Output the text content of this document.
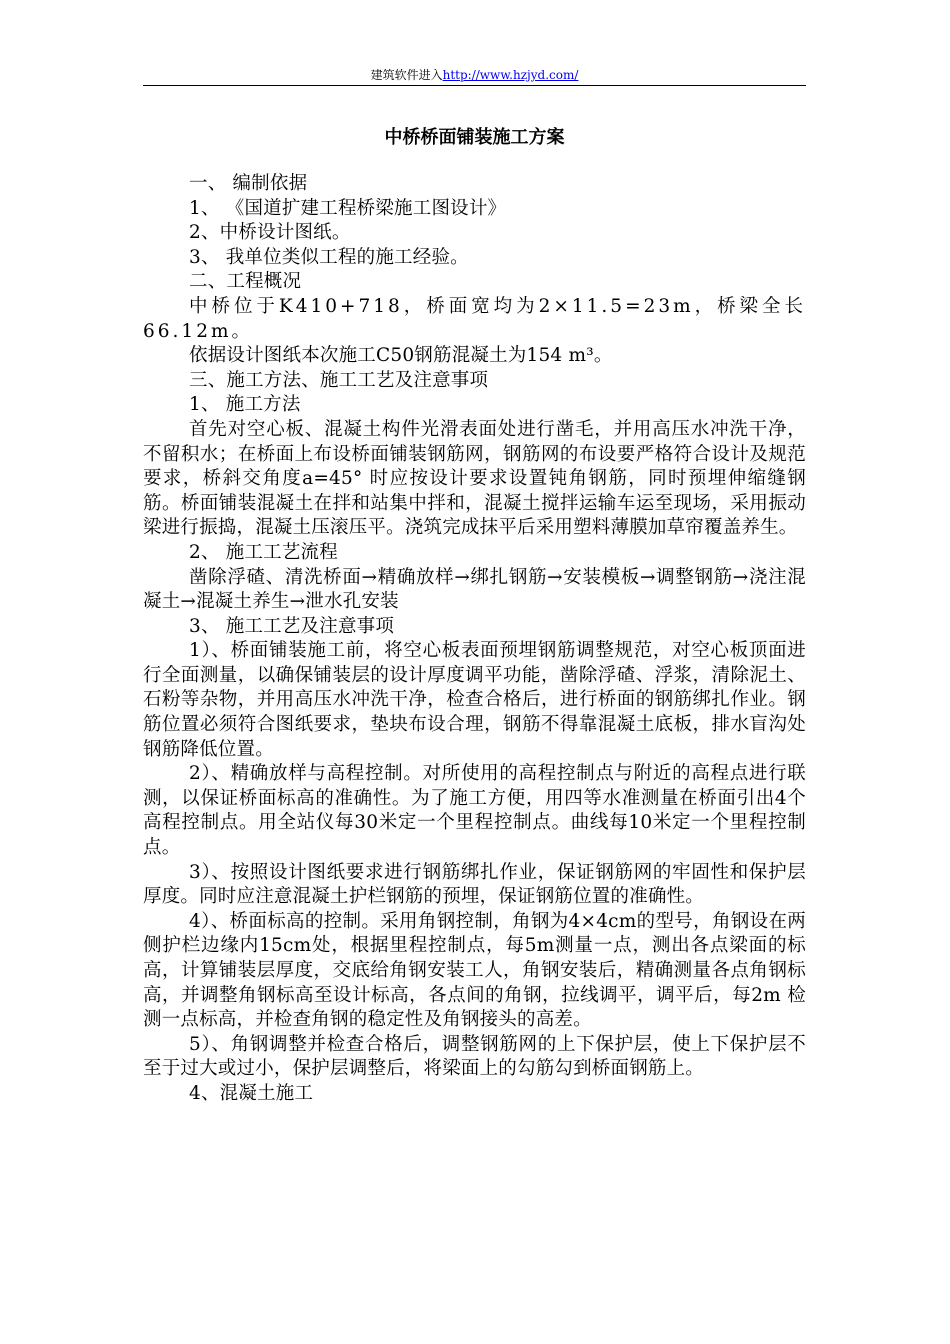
建筑软件进入http://www.hzjyd.com/
中桥桥面铺装施工方案

一、 编制依据

1、 《国道扩建工程桥梁施工图设计》

2、中桥设计图纸。

3、 我单位类似工程的施工经验。

二、工程概况

中桥位于K410+718，桥面宽均为2×11.5=23m，桥梁全长66.12m。

依据设计图纸本次施工C50钢筋混凝土为154 m³。

三、施工方法、施工工艺及注意事项

1、 施工方法

首先对空心板、混凝土构件光滑表面处进行凿毛，并用高压水冲洗干净，不留积水；在桥面上布设桥面铺装钢筋网，钢筋网的布设要严格符合设计及规范要求，桥斜交角度a=45° 时应按设计要求设置钝角钢筋，同时预埋伸缩缝钢筋。桥面铺装混凝土在拌和站集中拌和，混凝土搅拌运输车运至现场，采用振动梁进行振捣，混凝土压滚压平。浇筑完成抹平后采用塑料薄膜加草帘覆盖养生。

2、 施工工艺流程

凿除浮碴、清洗桥面→精确放样→绑扎钢筋→安装模板→调整钢筋→浇注混凝土→混凝土养生→泄水孔安装

3、 施工工艺及注意事项

1）、桥面铺装施工前，将空心板表面预埋钢筋调整规范，对空心板顶面进行全面测量，以确保铺装层的设计厚度调平功能，凿除浮碴、浮浆，清除泥土、石粉等杂物，并用高压水冲洗干净，检查合格后，进行桥面的钢筋绑扎作业。钢筋位置必须符合图纸要求，垫块布设合理，钢筋不得靠混凝土底板，排水盲沟处钢筋降低位置。

2）、精确放样与高程控制。对所使用的高程控制点与附近的高程点进行联测，以保证桥面标高的准确性。为了施工方便，用四等水准测量在桥面引出4个高程控制点。用全站仪每30米定一个里程控制点。曲线每10米定一个里程控制点。

3）、按照设计图纸要求进行钢筋绑扎作业，保证钢筋网的牢固性和保护层厚度。同时应注意混凝土护栏钢筋的预埋，保证钢筋位置的准确性。

4）、桥面标高的控制。采用角钢控制，角钢为4×4cm的型号，角钢设在两侧护栏边缘内15cm处，根据里程控制点，每5m测量一点，测出各点梁面的标高，计算铺装层厚度，交底给角钢安装工人，角钢安装后，精确测量各点角钢标高，并调整角钢标高至设计标高，各点间的角钢，拉线调平，调平后，每2m 检测一点标高，并检查角钢的稳定性及角钢接头的高差。

5）、角钢调整并检查合格后，调整钢筋网的上下保护层，使上下保护层不至于过大或过小，保护层调整后，将梁面上的勾筋勾到桥面钢筋上。

4、混凝土施工
